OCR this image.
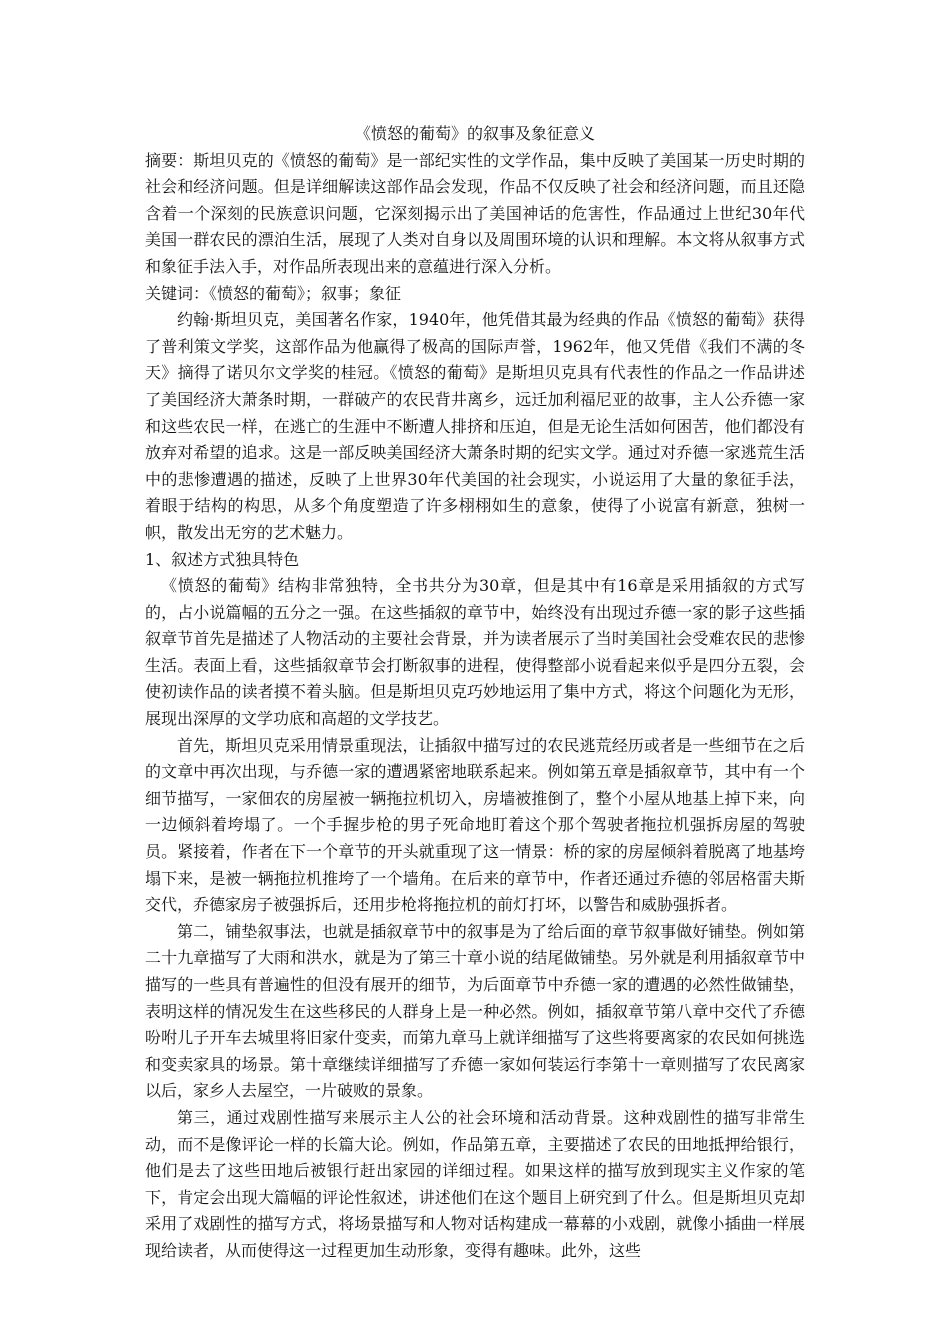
《愤怒的葡萄》的叙事及象征意义

摘要：斯坦贝克的《愤怒的葡萄》是一部纪实性的文学作品，集中反映了美国某一历史时期的社会和经济问题。但是详细解读这部作品会发现，作品不仅反映了社会和经济问题，而且还隐含着一个深刻的民族意识问题，它深刻揭示出了美国神话的危害性，作品通过上世纪30年代美国一群农民的漂泊生活，展现了人类对自身以及周围环境的认识和理解。本文将从叙事方式和象征手法入手，对作品所表现出来的意蕴进行深入分析。

关键词：《愤怒的葡萄》；叙事；象征

约翰·斯坦贝克，美国著名作家，1940年，他凭借其最为经典的作品《愤怒的葡萄》获得了普利策文学奖，这部作品为他赢得了极高的国际声誉，1962年，他又凭借《我们不满的冬天》摘得了诺贝尔文学奖的桂冠。《愤怒的葡萄》是斯坦贝克具有代表性的作品之一作品讲述了美国经济大萧条时期，一群破产的农民背井离乡，远迁加利福尼亚的故事，主人公乔德一家和这些农民一样，在逃亡的生涯中不断遭人排挤和压迫，但是无论生活如何困苦，他们都没有放弃对希望的追求。这是一部反映美国经济大萧条时期的纪实文学。通过对乔德一家逃荒生活中的悲惨遭遇的描述，反映了上世界30年代美国的社会现实，小说运用了大量的象征手法，着眼于结构的构思，从多个角度塑造了许多栩栩如生的意象，使得了小说富有新意，独树一帜，散发出无穷的艺术魅力。

1、叙述方式独具特色

《愤怒的葡萄》结构非常独特，全书共分为30章，但是其中有16章是采用插叙的方式写的，占小说篇幅的五分之一强。在这些插叙的章节中，始终没有出现过乔德一家的影子这些插叙章节首先是描述了人物活动的主要社会背景，并为读者展示了当时美国社会受难农民的悲惨生活。表面上看，这些插叙章节会打断叙事的进程，使得整部小说看起来似乎是四分五裂，会使初读作品的读者摸不着头脑。但是斯坦贝克巧妙地运用了集中方式，将这个问题化为无形，展现出深厚的文学功底和高超的文学技艺。

首先，斯坦贝克采用情景重现法，让插叙中描写过的农民逃荒经历或者是一些细节在之后的文章中再次出现，与乔德一家的遭遇紧密地联系起来。例如第五章是插叙章节，其中有一个细节描写，一家佃农的房屋被一辆拖拉机切入，房墙被推倒了，整个小屋从地基上掉下来，向一边倾斜着垮塌了。一个手握步枪的男子死命地盯着这个那个驾驶者拖拉机强拆房屋的驾驶员。紧接着，作者在下一个章节的开头就重现了这一情景：桥的家的房屋倾斜着脱离了地基垮塌下来，是被一辆拖拉机推垮了一个墙角。在后来的章节中，作者还通过乔德的邻居格雷夫斯交代，乔德家房子被强拆后，还用步枪将拖拉机的前灯打坏，以警告和威胁强拆者。

第二，铺垫叙事法，也就是插叙章节中的叙事是为了给后面的章节叙事做好铺垫。例如第二十九章描写了大雨和洪水，就是为了第三十章小说的结尾做铺垫。另外就是利用插叙章节中描写的一些具有普遍性的但没有展开的细节，为后面章节中乔德一家的遭遇的必然性做铺垫，表明这样的情况发生在这些移民的人群身上是一种必然。例如，插叙章节第八章中交代了乔德吩咐儿子开车去城里将旧家什变卖，而第九章马上就详细描写了这些将要离家的农民如何挑选和变卖家具的场景。第十章继续详细描写了乔德一家如何装运行李第十一章则描写了农民离家以后，家乡人去屋空，一片破败的景象。

第三，通过戏剧性描写来展示主人公的社会环境和活动背景。这种戏剧性的描写非常生动，而不是像评论一样的长篇大论。例如，作品第五章，主要描述了农民的田地抵押给银行，他们是去了这些田地后被银行赶出家园的详细过程。如果这样的描写放到现实主义作家的笔下，肯定会出现大篇幅的评论性叙述，讲述他们在这个题目上研究到了什么。但是斯坦贝克却采用了戏剧性的描写方式，将场景描写和人物对话构建成一幕幕的小戏剧，就像小插曲一样展现给读者，从而使得这一过程更加生动形象，变得有趣味。此外，这些
